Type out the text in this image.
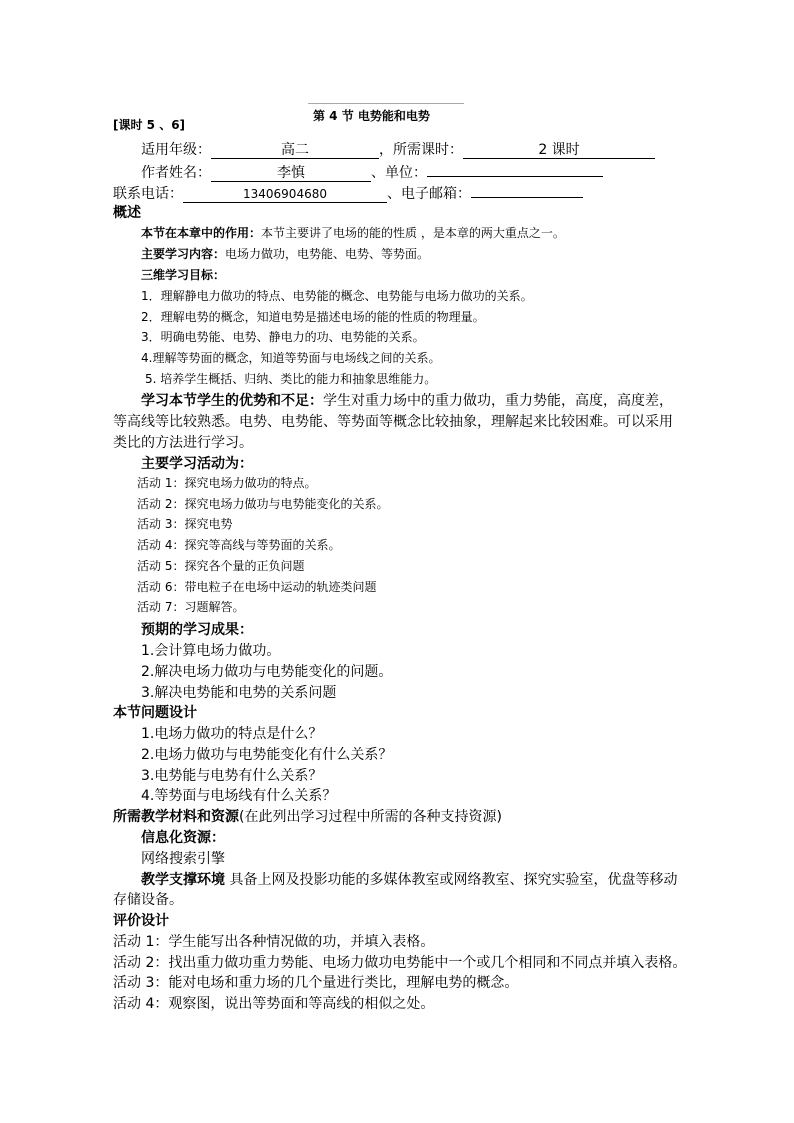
[课时 5 、6]
第 4 节 电势能和电势
适用年级：	高二	，所需课时：	2 课时
作者姓名：	李慎	、单位：
联系电话：	13406904680	、电子邮箱：
概述
本节在本章中的作用：本节主要讲了电场的能的性质 ，是本章的两大重点之一。
主要学习内容：电场力做功，电势能、电势、等势面。
三维学习目标：
1．理解静电力做功的特点、电势能的概念、电势能与电场力做功的关系。
2．理解电势的概念，知道电势是描述电场的能的性质的物理量。
3．明确电势能、电势、静电力的功、电势能的关系。
4.理解等势面的概念，知道等势面与电场线之间的关系。
5. 培养学生概括、归纳、类比的能力和抽象思维能力。
学习本节学生的优势和不足：学生对重力场中的重力做功，重力势能，高度，高度差，
等高线等比较熟悉。电势、电势能、等势面等概念比较抽象，理解起来比较困难。可以采用
类比的方法进行学习。
主要学习活动为：
活动 1：探究电场力做功的特点。
活动 2：探究电场力做功与电势能变化的关系。
活动 3：探究电势
活动 4：探究等高线与等势面的关系。
活动 5：探究各个量的正负问题
活动 6：带电粒子在电场中运动的轨迹类问题
活动 7：习题解答。
预期的学习成果：
1.会计算电场力做功。
2.解决电场力做功与电势能变化的问题。
3.解决电势能和电势的关系问题
本节问题设计
1.电场力做功的特点是什么？
2.电场力做功与电势能变化有什么关系？
3.电势能与电势有什么关系？
4.等势面与电场线有什么关系？
所需教学材料和资源(在此列出学习过程中所需的各种支持资源)
信息化资源：
网络搜索引擎
教学支撑环境 具备上网及投影功能的多媒体教室或网络教室、探究实验室，优盘等移动
存储设备。
评价设计
活动 1：学生能写出各种情况做的功，并填入表格。
活动 2：找出重力做功重力势能、电场力做功电势能中一个或几个相同和不同点并填入表格。
活动 3：能对电场和重力场的几个量进行类比，理解电势的概念。
活动 4：观察图，说出等势面和等高线的相似之处。
